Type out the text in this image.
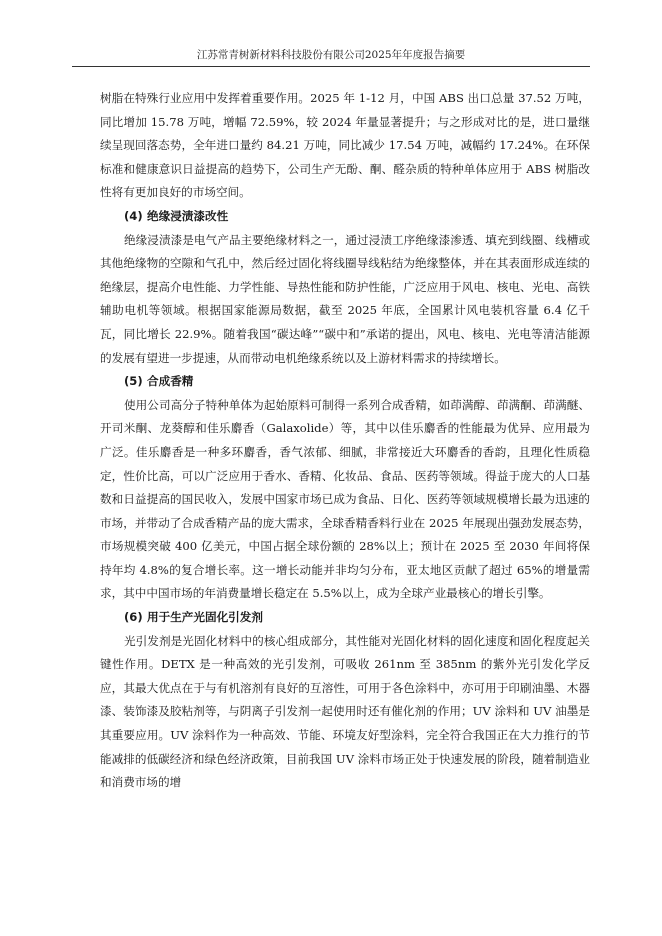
江苏常青树新材料科技股份有限公司2025年年度报告摘要

树脂在特殊行业应用中发挥着重要作用。2025 年 1-12 月，中国 ABS 出口总量 37.52 万吨，同比增加 15.78 万吨，增幅 72.59%，较 2024 年量显著提升；与之形成对比的是，进口量继续呈现回落态势，全年进口量约 84.21 万吨，同比减少 17.54 万吨，减幅约 17.24%。在环保标准和健康意识日益提高的趋势下，公司生产无酚、酮、醛杂质的特种单体应用于 ABS 树脂改性将有更加良好的市场空间。

(4) 绝缘浸渍漆改性

绝缘浸渍漆是电气产品主要绝缘材料之一，通过浸渍工序绝缘漆渗透、填充到线圈、线槽或其他绝缘物的空隙和气孔中，然后经过固化将线圈导线粘结为绝缘整体，并在其表面形成连续的绝缘层，提高介电性能、力学性能、导热性能和防护性能，广泛应用于风电、核电、光电、高铁辅助电机等领域。根据国家能源局数据，截至 2025 年底，全国累计风电装机容量 6.4 亿千瓦，同比增长 22.9%。随着我国“碳达峰”“碳中和”承诺的提出，风电、核电、光电等清洁能源的发展有望进一步提速，从而带动电机绝缘系统以及上游材料需求的持续增长。

(5) 合成香精

使用公司高分子特种单体为起始原料可制得一系列合成香精，如茚满醇、茚满酮、茚满醚、开司米酮、龙葵醇和佳乐麝香（Galaxolide）等，其中以佳乐麝香的性能最为优异、应用最为广泛。佳乐麝香是一种多环麝香，香气浓郁、细腻，非常接近大环麝香的香韵，且理化性质稳定，性价比高，可以广泛应用于香水、香精、化妆品、食品、医药等领域。得益于庞大的人口基数和日益提高的国民收入，发展中国家市场已成为食品、日化、医药等领域规模增长最为迅速的市场，并带动了合成香精产品的庞大需求，全球香精香料行业在 2025 年展现出强劲发展态势，市场规模突破 400 亿美元，中国占据全球份额的 28%以上；预计在 2025 至 2030 年间将保持年均 4.8%的复合增长率。这一增长动能并非均匀分布，亚太地区贡献了超过 65%的增量需求，其中中国市场的年消费量增长稳定在 5.5%以上，成为全球产业最核心的增长引擎。

(6) 用于生产光固化引发剂

光引发剂是光固化材料中的核心组成部分，其性能对光固化材料的固化速度和固化程度起关键性作用。DETX 是一种高效的光引发剂，可吸收 261nm 至 385nm 的紫外光引发化学反应，其最大优点在于与有机溶剂有良好的互溶性，可用于各色涂料中，亦可用于印刷油墨、木器漆、装饰漆及胶粘剂等，与阴离子引发剂一起使用时还有催化剂的作用；UV 涂料和 UV 油墨是其重要应用。UV 涂料作为一种高效、节能、环境友好型涂料，完全符合我国正在大力推行的节能减排的低碳经济和绿色经济政策，目前我国 UV 涂料市场正处于快速发展的阶段，随着制造业和消费市场的增
